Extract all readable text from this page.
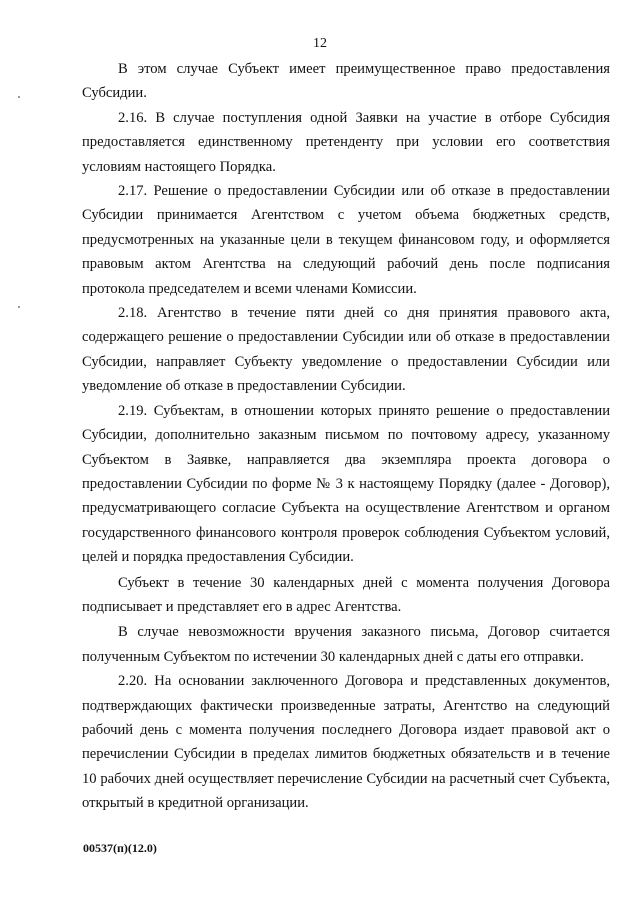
12

В этом случае Субъект имеет преимущественное право предоставления Субсидии.

2.16. В случае поступления одной Заявки на участие в отборе Субсидия предоставляется единственному претенденту при условии его соответствия условиям настоящего Порядка.

2.17. Решение о предоставлении Субсидии или об отказе в предоставлении Субсидии принимается Агентством с учетом объема бюджетных средств, предусмотренных на указанные цели в текущем финансовом году, и оформляется правовым актом Агентства на следующий рабочий день после подписания протокола председателем и всеми членами Комиссии.

2.18. Агентство в течение пяти дней со дня принятия правового акта, содержащего решение о предоставлении Субсидии или об отказе в предоставлении Субсидии, направляет Субъекту уведомление о предоставлении Субсидии или уведомление об отказе в предоставлении Субсидии.

2.19. Субъектам, в отношении которых принято решение о предоставлении Субсидии, дополнительно заказным письмом по почтовому адресу, указанному Субъектом в Заявке, направляется два экземпляра проекта договора о предоставлении Субсидии по форме № 3 к настоящему Порядку (далее - Договор), предусматривающего согласие Субъекта на осуществление Агентством и органом государственного финансового контроля проверок соблюдения Субъектом условий, целей и порядка предоставления Субсидии.

Субъект в течение 30 календарных дней с момента получения Договора подписывает и представляет его в адрес Агентства.

В случае невозможности вручения заказного письма, Договор считается полученным Субъектом по истечении 30 календарных дней с даты его отправки.

2.20. На основании заключенного Договора и представленных документов, подтверждающих фактически произведенные затраты, Агентство на следующий рабочий день с момента получения последнего Договора издает правовой акт о перечислении Субсидии в пределах лимитов бюджетных обязательств и в течение 10 рабочих дней осуществляет перечисление Субсидии на расчетный счет Субъекта, открытый в кредитной организации.

00537(п)(12.0)
